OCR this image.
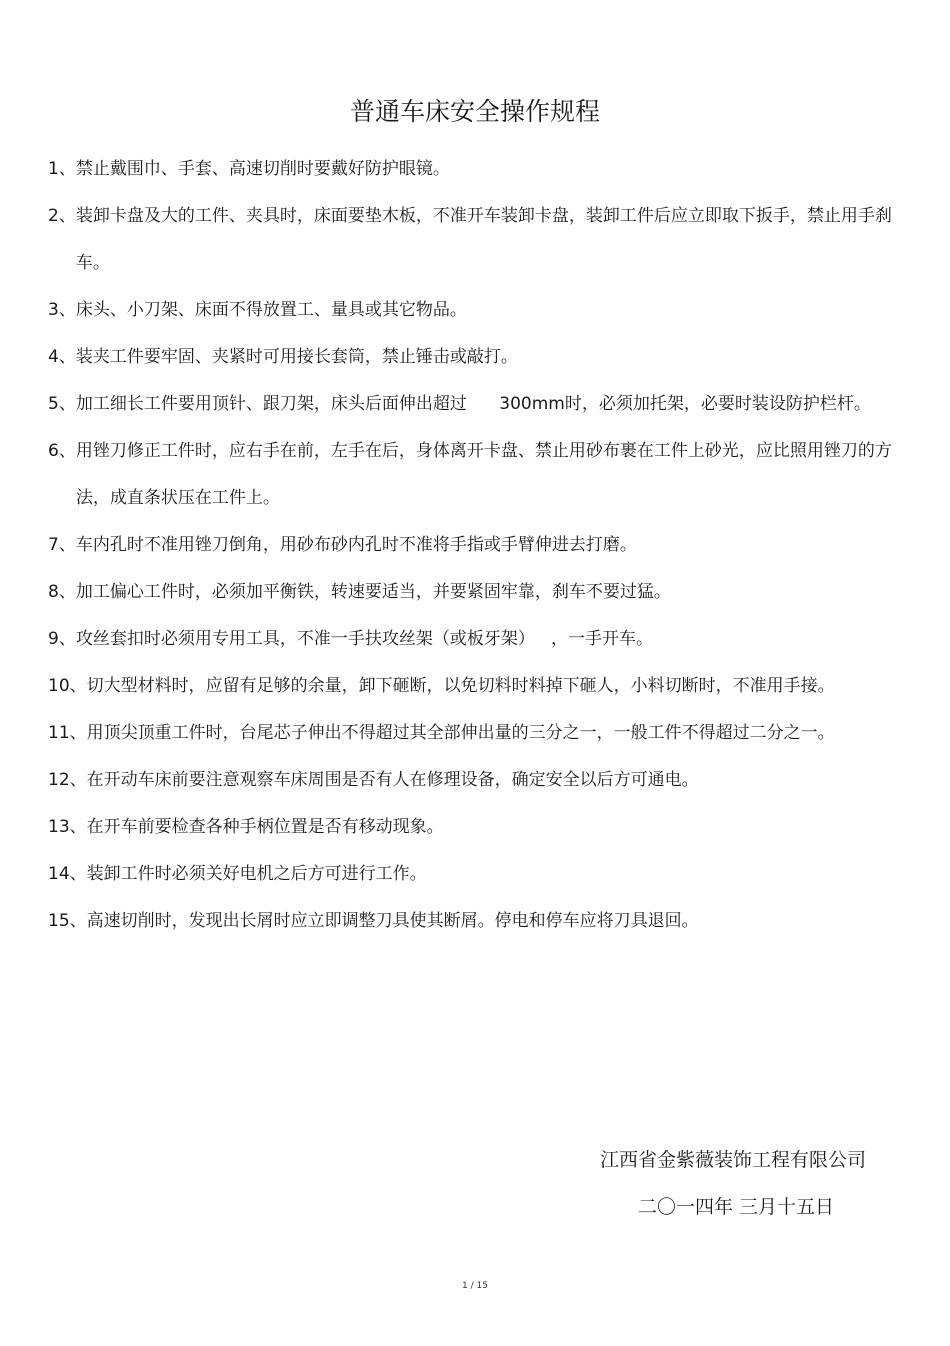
普通车床安全操作规程
1、 禁止戴围巾、手套、高速切削时要戴好防护眼镜。
2、 装卸卡盘及大的工件、夹具时，床面要垫木板，不准开车装卸卡盘，装卸工件后应立即取下扳手，禁止用手刹车。
3、 床头、小刀架、床面不得放置工、量具或其它物品。
4、 装夹工件要牢固、夹紧时可用接长套筒，禁止锤击或敲打。
5、 加工细长工件要用顶针、跟刀架，床头后面伸出超过      300mm时，必须加托架，必要时装设防护栏杆。
6、 用锉刀修正工件时，应右手在前，左手在后，身体离开卡盘、禁止用砂布裹在工件上砂光，应比照用锉刀的方法，成直条状压在工件上。
7、 车内孔时不准用锉刀倒角，用砂布砂内孔时不准将手指或手臂伸进去打磨。
8、 加工偏心工件时，必须加平衡铁，转速要适当，并要紧固牢靠，刹车不要过猛。
9、 攻丝套扣时必须用专用工具，不准一手扶攻丝架（或板牙架）   ，一手开车。
10、 切大型材料时，应留有足够的余量，卸下砸断，以免切料时料掉下砸人，小料切断时，不准用手接。
11、 用顶尖顶重工件时，台尾芯子伸出不得超过其全部伸出量的三分之一，一般工件不得超过二分之一。
12、 在开动车床前要注意观察车床周围是否有人在修理设备，确定安全以后方可通电。
13、 在开车前要检查各种手柄位置是否有移动现象。
14、 装卸工件时必须关好电机之后方可进行工作。
15、 高速切削时，发现出长屑时应立即调整刀具使其断屑。停电和停车应将刀具退回。
江西省金紫薇装饰工程有限公司
二〇一四年 三月十五日
1 / 15
